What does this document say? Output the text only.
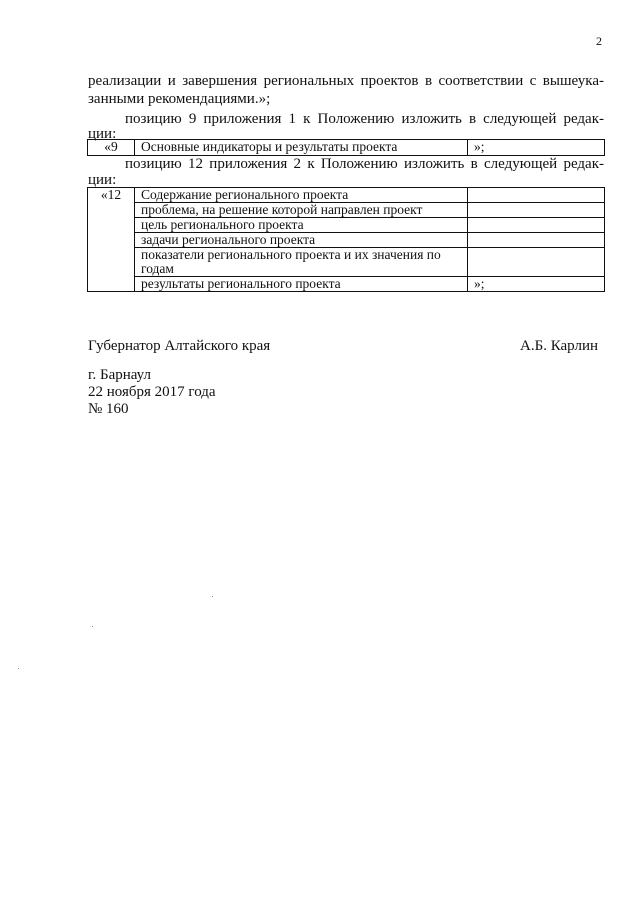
2
реализации и завершения региональных проектов в соответствии с вышеука-
занными рекомендациями.»;
позицию 9 приложения 1 к Положению изложить в следующей редак-
ции:
«9	Основные индикаторы и результаты проекта	»;
позицию 12 приложения 2 к Положению изложить в следующей редак-
ции:
«12	Содержание регионального проекта	
	проблема, на решение которой направлен проект	
	цель регионального проекта	
	задачи регионального проекта	
	показатели регионального проекта и их значения по годам	
	результаты регионального проекта	»;
Губернатор Алтайского края	А.Б. Карлин
г. Барнаул
22 ноября 2017 года
№ 160
